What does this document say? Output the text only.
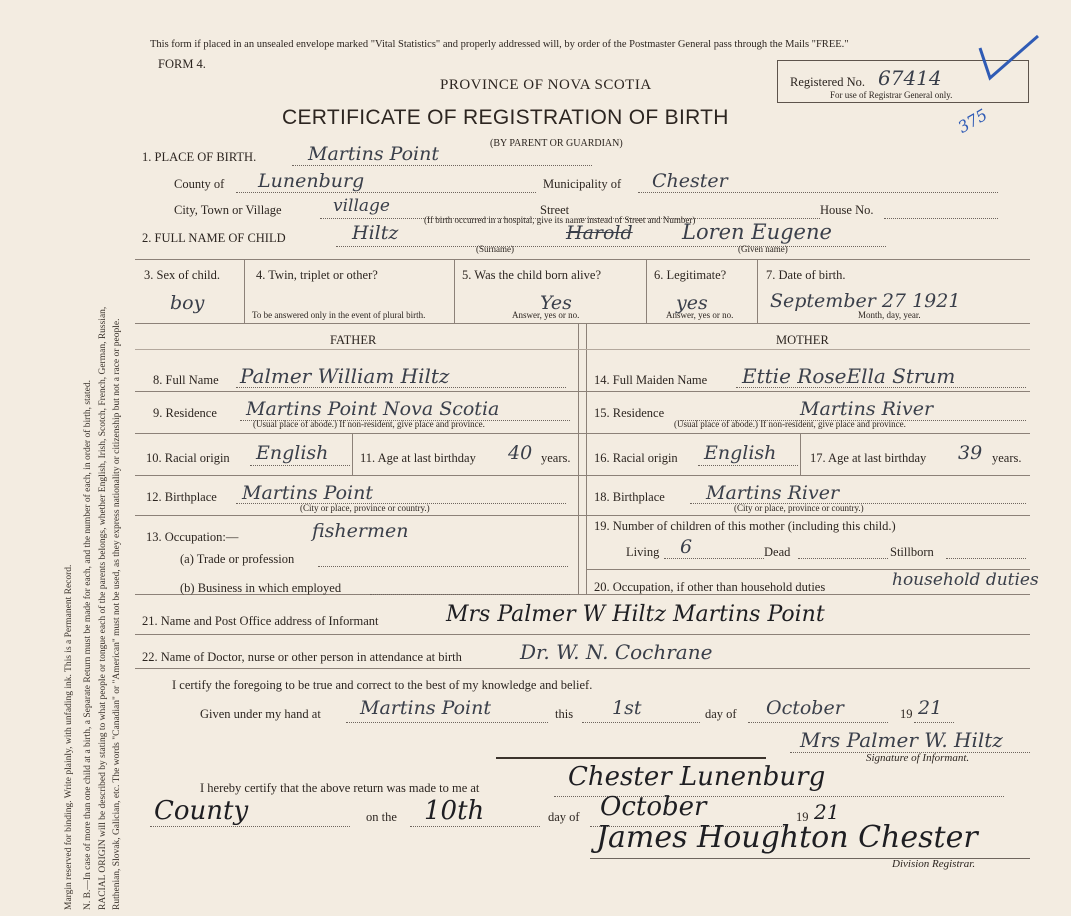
Margin reserved for binding. Write plainly, with unfading ink. This is a Permanent Record. N. B.—In case of more than one child at a birth, a Separate Return must be made for each, and the number of each, in order of birth, stated. RACIAL ORIGIN will be described by stating to what people or tongue each of the parents belongs, whether English, Irish, Scotch, French, German, Russian, Ruthenian, Slovak, Galician, etc. The words "Canadian" or "American" must not be used, as they express nationality or citizenship but not a race or people.
This form if placed in an unsealed envelope marked "Vital Statistics" and properly addressed will, by order of the Postmaster General pass through the Mails "FREE."
FORM 4.
PROVINCE OF NOVA SCOTIA
CERTIFICATE OF REGISTRATION OF BIRTH
(BY PARENT OR GUARDIAN)
Registered No. 67414
For use of Registrar General only.
375
1. PLACE OF BIRTH.	Martins Point
County of Lunenburg	Municipality of Chester
City, Town or Village	village	Street	House No.
(If birth occurred in a hospital, give its name instead of Street and Number)
2. FULL NAME OF CHILD	Hiltz	Harold Loren Eugene
(Surname)	(Given name)
3. Sex of child.
boy
4. Twin, triplet or other?
To be answered only in the event of plural birth.
5. Was the child born alive?
Yes
Answer, yes or no.
6. Legitimate?
yes
Answer, yes or no.
7. Date of birth.
September 27 1921
Month, day, year.
FATHER	MOTHER
8. Full Name Palmer William Hiltz
9. Residence Martins Point Nova Scotia
(Usual place of abode.) If non-resident, give place and province.
10. Racial origin English	11. Age at last birthday 40 years.
12. Birthplace Martins Point
(City or place, province or country.)
13. Occupation:—	fishermen
(a) Trade or profession
(b) Business in which employed
14. Full Maiden Name Ettie RoseElla Strum
15. Residence	Martins River
(Usual place of abode.) If non-resident, give place and province.
16. Racial origin English	17. Age at last birthday 39 years.
18. Birthplace Martins River
(City or place, province or country.)
19. Number of children of this mother (including this child.)
Living 6	Dead	Stillborn
20. Occupation, if other than household duties	household duties
21. Name and Post Office address of Informant	Mrs Palmer W Hiltz Martins Point
22. Name of Doctor, nurse or other person in attendance at birth	Dr. W. N. Cochrane
I certify the foregoing to be true and correct to the best of my knowledge and belief.
Given under my hand at Martins Point	this 1st	day of October	19 21
Mrs Palmer W. Hiltz
Signature of Informant.
I hereby certify that the above return was made to me at	Chester Lunenburg
County	on the 10th	day of October	19 21
James Houghton Chester
Division Registrar.
